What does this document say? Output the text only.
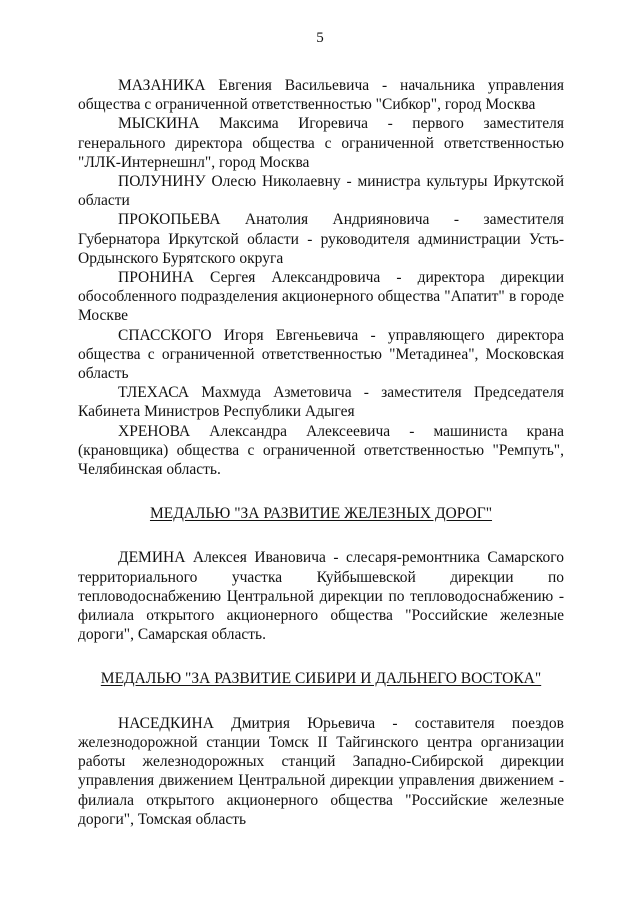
5

МАЗАНИКА Евгения Васильевича - начальника управления общества с ограниченной ответственностью "Сибкор", город Москва

МЫСКИНА Максима Игоревича - первого заместителя генерального директора общества с ограниченной ответственностью "ЛЛК-Интернешнл", город Москва

ПОЛУНИНУ Олесю Николаевну - министра культуры Иркутской области

ПРОКОПЬЕВА Анатолия Андрияновича - заместителя Губернатора Иркутской области - руководителя администрации Усть-Ордынского Бурятского округа

ПРОНИНА Сергея Александровича - директора дирекции обособленного подразделения акционерного общества "Апатит" в городе Москве

СПАССКОГО Игоря Евгеньевича - управляющего директора общества с ограниченной ответственностью "Метадинеа", Московская область

ТЛЕХАСА Махмуда Азметовича - заместителя Председателя Кабинета Министров Республики Адыгея

ХРЕНОВА Александра Алексеевича - машиниста крана (крановщика) общества с ограниченной ответственностью "Ремпуть", Челябинская область.

МЕДАЛЬЮ "ЗА РАЗВИТИЕ ЖЕЛЕЗНЫХ ДОРОГ"

ДЕМИНА Алексея Ивановича - слесаря-ремонтника Самарского территориального участка Куйбышевской дирекции по тепловодоснабжению Центральной дирекции по тепловодоснабжению - филиала открытого акционерного общества "Российские железные дороги", Самарская область.

МЕДАЛЬЮ "ЗА РАЗВИТИЕ СИБИРИ И ДАЛЬНЕГО ВОСТОКА"

НАСЕДКИНА Дмитрия Юрьевича - составителя поездов железнодорожной станции Томск II Тайгинского центра организации работы железнодорожных станций Западно-Сибирской дирекции управления движением Центральной дирекции управления движением - филиала открытого акционерного общества "Российские железные дороги", Томская область
